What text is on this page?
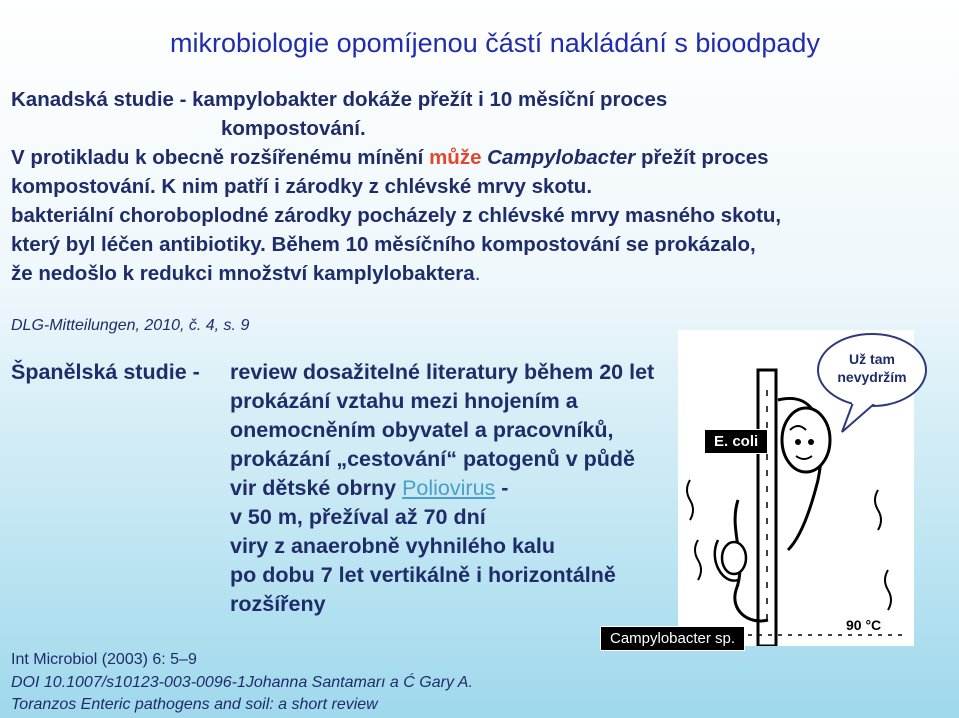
mikrobiologie opomíjenou částí nakládání s bioodpady
Kanadská studie - kampylobakter dokáže přežít i 10 měsíční proces
kompostování.
V protikladu k obecně rozšířenému mínění může Campylobacter přežít proces
kompostování. K nim patří i zárodky z chlévské mrvy skotu.
bakteriální choroboplodné zárodky pocházely z chlévské mrvy masného skotu,
který byl léčen antibiotiky. Během 10 měsíčního kompostování se prokázalo,
že nedošlo k redukci množství kamplylobaktera.
DLG-Mitteilungen, 2010, č. 4, s. 9
90 °C
Už tam
nevydržím
E. coli
Španělská studie - review dosažitelné literatury během 20 let
prokázání vztahu mezi hnojením a
onemocněním obyvatel a pracovníků,
prokázání „cestování“ patogenů v půdě
vir dětské obrny Poliovirus -
v 50 m, přežíval až 70 dní
viry z anaerobně vyhnilého kalu
po dobu 7 let vertikálně i horizontálně
rozšířeny
Campylobacter sp.
Int Microbiol (2003) 6: 5–9
DOI 10.1007/s10123-003-0096-1Johanna Santamarı a Ć Gary A.
Toranzos Enteric pathogens and soil: a short review
